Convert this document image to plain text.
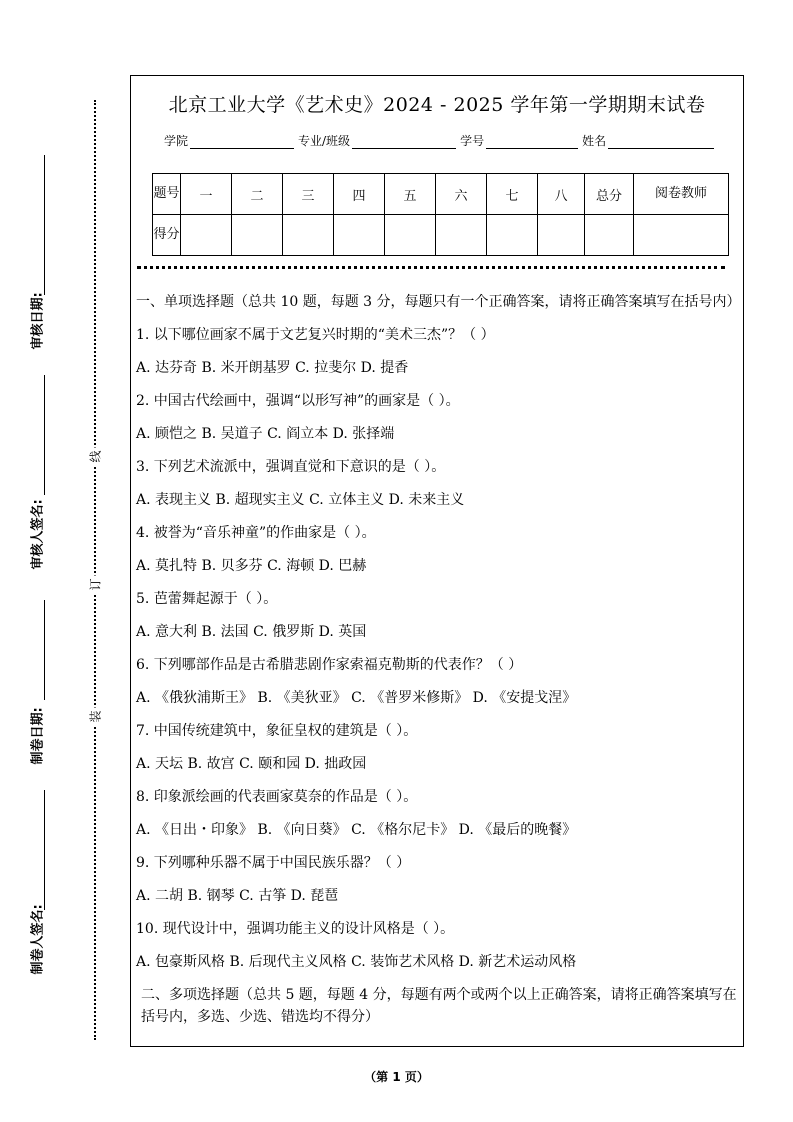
审核日期:
审核人签名:
制卷日期:
制卷人签名:
线
订
装
北京工业大学《艺术史》2024 - 2025 学年第一学期期末试卷
学院	专业/班级	学号	姓名
题号	一	二	三	四	五	六	七	八	总分	阅卷教师
得分										

一、单项选择题（总共 10 题，每题 3 分，每题只有一个正确答案，请将正确答案填写在括号内）

1. 以下哪位画家不属于文艺复兴时期的“美术三杰”？（ ）
A. 达芬奇 B. 米开朗基罗 C. 拉斐尔 D. 提香
2. 中国古代绘画中，强调“以形写神”的画家是（ ）。
A. 顾恺之 B. 吴道子 C. 阎立本 D. 张择端
3. 下列艺术流派中，强调直觉和下意识的是（ ）。
A. 表现主义 B. 超现实主义 C. 立体主义 D. 未来主义
4. 被誉为“音乐神童”的作曲家是（ ）。
A. 莫扎特 B. 贝多芬 C. 海顿 D. 巴赫
5. 芭蕾舞起源于（ ）。
A. 意大利 B. 法国 C. 俄罗斯 D. 英国
6. 下列哪部作品是古希腊悲剧作家索福克勒斯的代表作？（ ）
A. 《俄狄浦斯王》 B. 《美狄亚》 C. 《普罗米修斯》 D. 《安提戈涅》
7. 中国传统建筑中，象征皇权的建筑是（ ）。
A. 天坛 B. 故宫 C. 颐和园 D. 拙政园
8. 印象派绘画的代表画家莫奈的作品是（ ）。
A. 《日出・印象》 B. 《向日葵》 C. 《格尔尼卡》 D. 《最后的晚餐》
9. 下列哪种乐器不属于中国民族乐器？（ ）
A. 二胡 B. 钢琴 C. 古筝 D. 琵琶
10. 现代设计中，强调功能主义的设计风格是（ ）。
A. 包豪斯风格 B. 后现代主义风格 C. 装饰艺术风格 D. 新艺术运动风格

二、多项选择题（总共 5 题，每题 4 分，每题有两个或两个以上正确答案，请将正确答案填写在括号内，多选、少选、错选均不得分）

（第 1 页）
